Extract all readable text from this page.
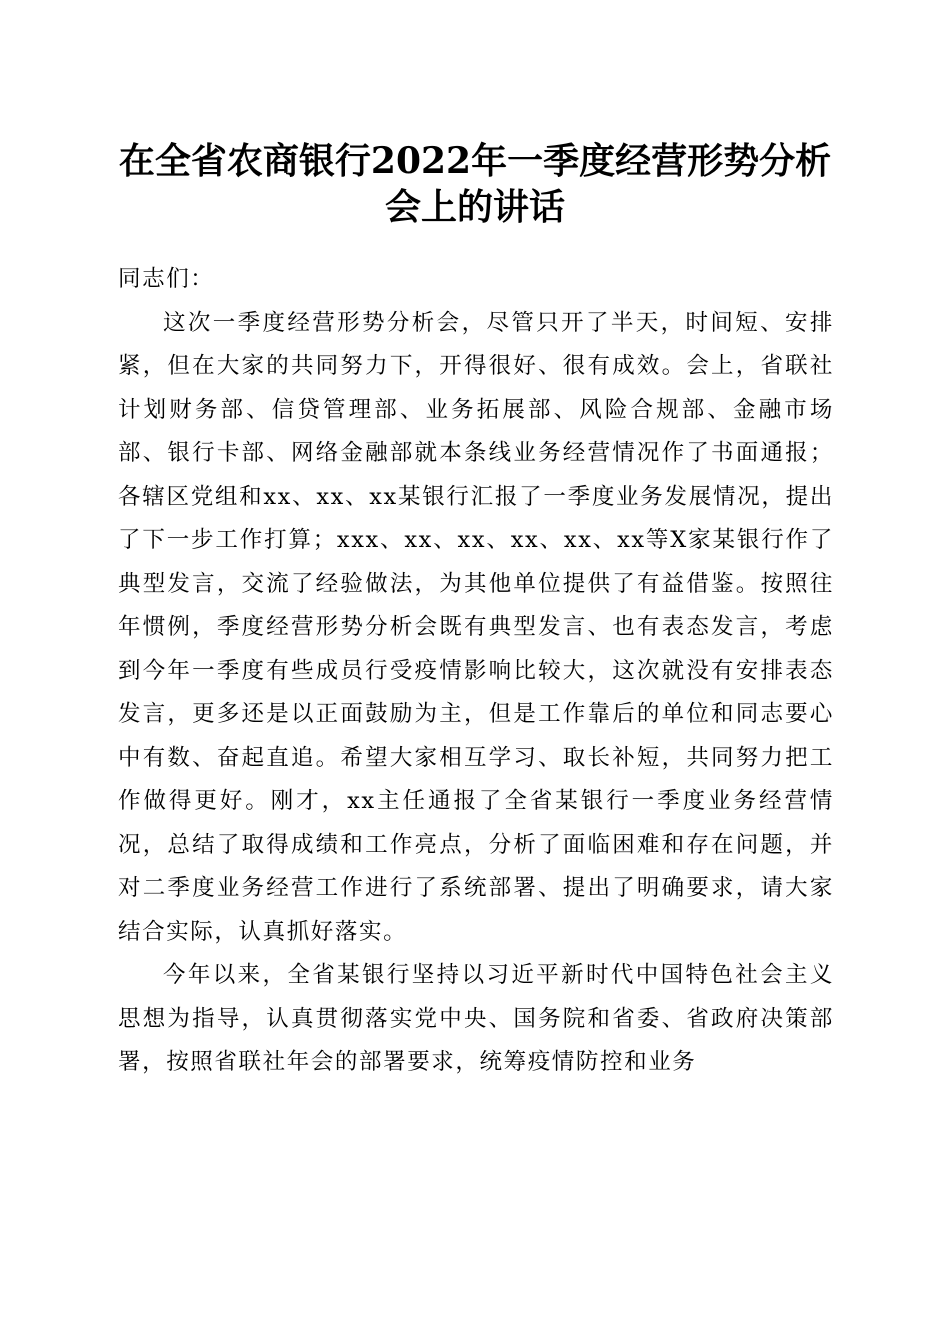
在全省农商银行2022年一季度经营形势分析
会上的讲话

同志们：

这次一季度经营形势分析会，尽管只开了半天，时间短、安排紧，但在大家的共同努力下，开得很好、很有成效。会上，省联社计划财务部、信贷管理部、业务拓展部、风险合规部、金融市场部、银行卡部、网络金融部就本条线业务经营情况作了书面通报；各辖区党组和xx、xx、xx某银行汇报了一季度业务发展情况，提出了下一步工作打算；xxx、xx、xx、xx、xx、xx等X家某银行作了典型发言，交流了经验做法，为其他单位提供了有益借鉴。按照往年惯例，季度经营形势分析会既有典型发言、也有表态发言，考虑到今年一季度有些成员行受疫情影响比较大，这次就没有安排表态发言，更多还是以正面鼓励为主，但是工作靠后的单位和同志要心中有数、奋起直追。希望大家相互学习、取长补短，共同努力把工作做得更好。刚才，xx主任通报了全省某银行一季度业务经营情况，总结了取得成绩和工作亮点，分析了面临困难和存在问题，并对二季度业务经营工作进行了系统部署、提出了明确要求，请大家结合实际，认真抓好落实。

今年以来，全省某银行坚持以习近平新时代中国特色社会主义思想为指导，认真贯彻落实党中央、国务院和省委、省政府决策部署，按照省联社年会的部署要求，统筹疫情防控和业务
